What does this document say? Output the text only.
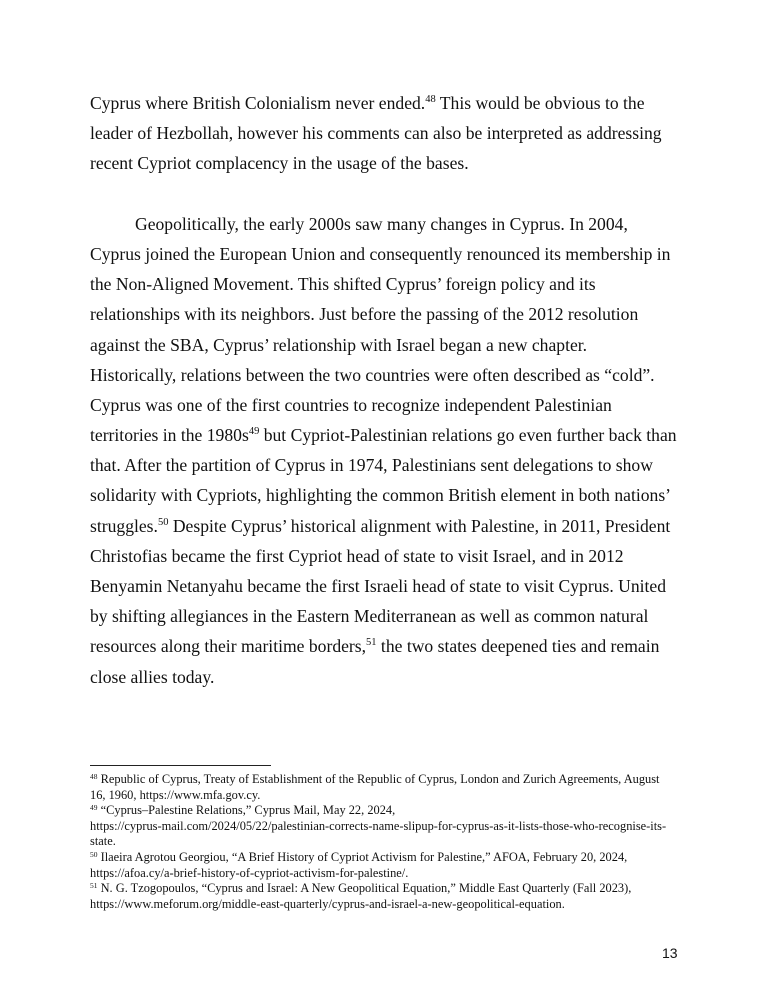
Cyprus where British Colonialism never ended.$^{48}$ This would be obvious to the
leader of Hezbollah, however his comments can also be interpreted as addressing
recent Cypriot complacency in the usage of the bases.
Geopolitically, the early 2000s saw many changes in Cyprus. In 2004,
Cyprus joined the European Union and consequently renounced its membership in
the Non-Aligned Movement. This shifted Cyprus’ foreign policy and its
relationships with its neighbors. Just before the passing of the 2012 resolution
against the SBA, Cyprus’ relationship with Israel began a new chapter.
Historically, relations between the two countries were often described as “cold”.
Cyprus was one of the first countries to recognize independent Palestinian
territories in the $1980s^{49}$ but Cypriot-Palestinian relations go even further back than
that. After the partition of Cyprus in 1974, Palestinians sent delegations to show
solidarity with Cypriots, highlighting the common British element in both nations’
struggles.$^{50}$ Despite Cyprus’ historical alignment with Palestine, in 2011, President
Christofias became the first Cypriot head of state to visit Israel, and in 2012
Benyamin Netanyahu became the first Israeli head of state to visit Cyprus. United
by shifting allegiances in the Eastern Mediterranean as well as common natural
resources along their maritime borders,$^{51}$ the two states deepened ties and remain
close allies today.
$^{48}$ Republic of Cyprus, Treaty of Establishment of the Republic of Cyprus, London and Zurich Agreements, August
16, 1960, https://www.mfa.gov.cy.
$^{49}$ “Cyprus–Palestine Relations,” Cyprus Mail, May 22, 2024,
https://cyprus-mail.com/2024/05/22/palestinian-corrects-name-slipup-for-cyprus-as-it-lists-those-who-recognise-its-
state.
$^{50}$ Ilaeira Agrotou Georgiou, “A Brief History of Cypriot Activism for Palestine,” AFOA, February 20, 2024,
https://afoa.cy/a-brief-history-of-cypriot-activism-for-palestine/.
$^{51}$ N. G. Tzogopoulos, “Cyprus and Israel: A New Geopolitical Equation,” Middle East Quarterly (Fall 2023),
https://www.meforum.org/middle-east-quarterly/cyprus-and-israel-a-new-geopolitical-equation.
13
